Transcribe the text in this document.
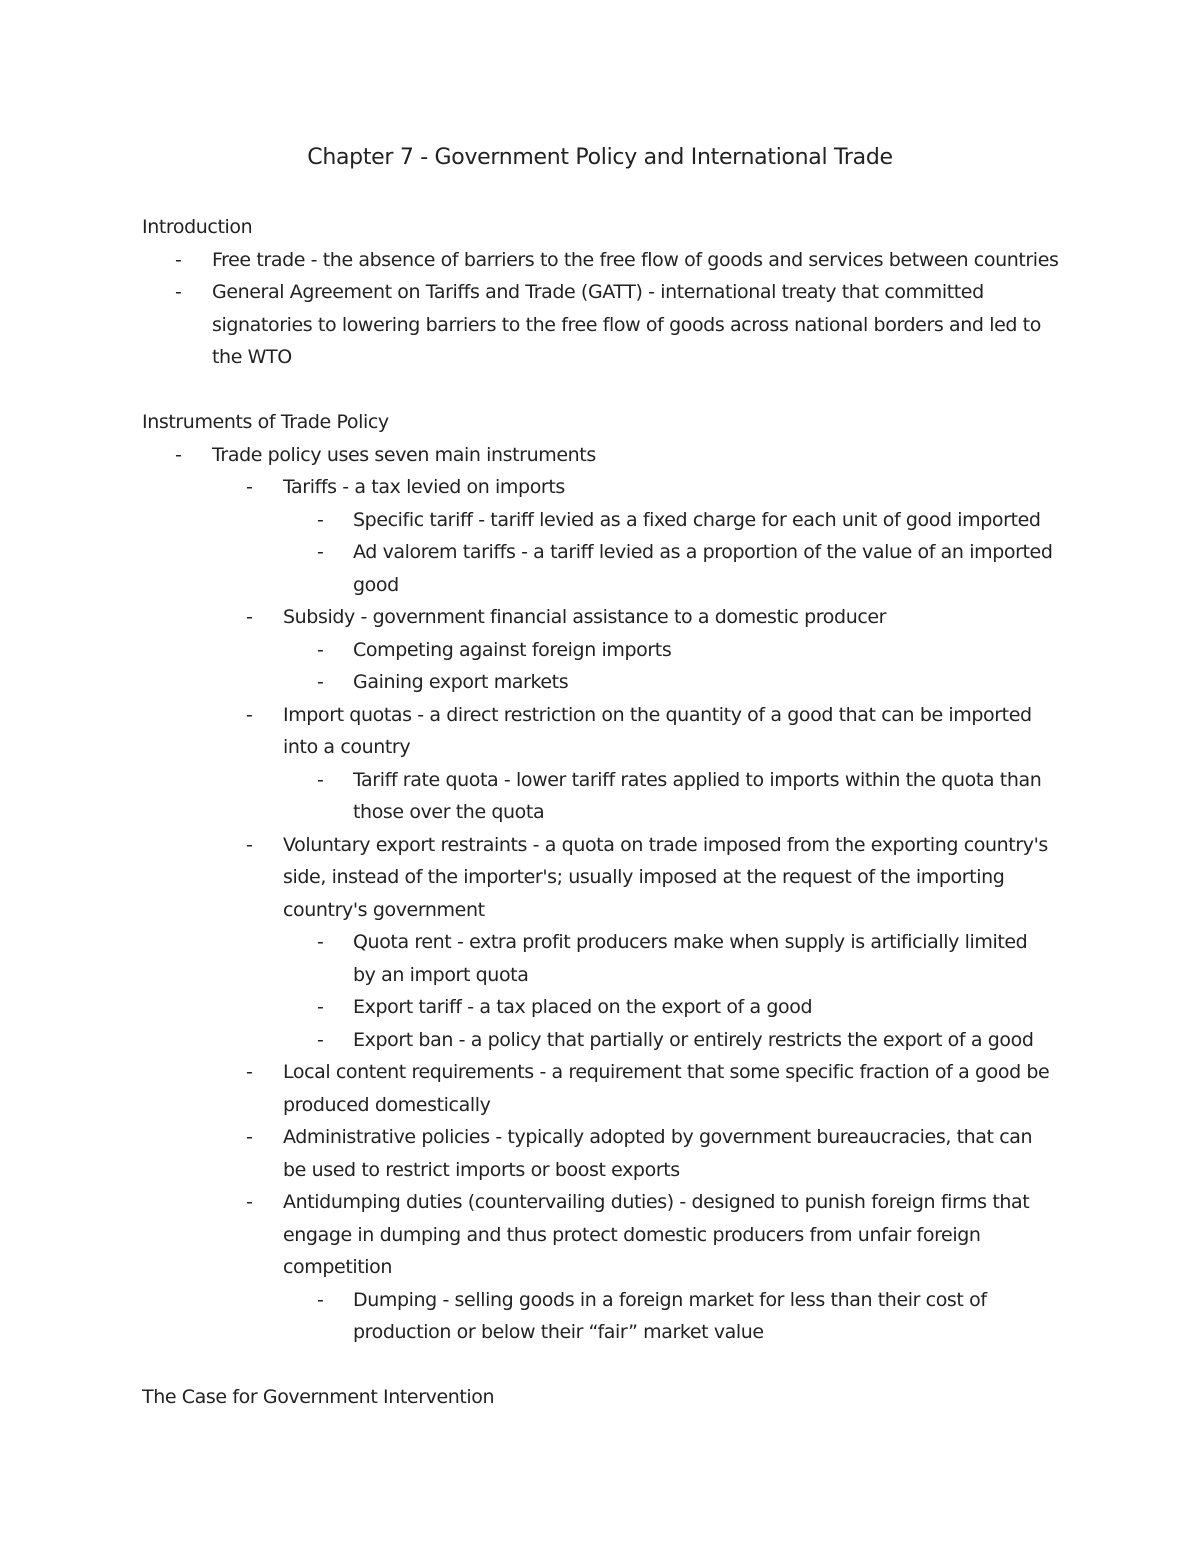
Chapter 7 - Government Policy and International Trade
Introduction
- Free trade - the absence of barriers to the free flow of goods and services between countries
- General Agreement on Tariffs and Trade (GATT) - international treaty that committed signatories to lowering barriers to the free flow of goods across national borders and led to the WTO
Instruments of Trade Policy
- Trade policy uses seven main instruments
- Tariffs - a tax levied on imports
- Specific tariff - tariff levied as a fixed charge for each unit of good imported
- Ad valorem tariffs - a tariff levied as a proportion of the value of an imported good
- Subsidy - government financial assistance to a domestic producer
- Competing against foreign imports
- Gaining export markets
- Import quotas - a direct restriction on the quantity of a good that can be imported into a country
- Tariff rate quota - lower tariff rates applied to imports within the quota than those over the quota
- Voluntary export restraints - a quota on trade imposed from the exporting country's side, instead of the importer's; usually imposed at the request of the importing country's government
- Quota rent - extra profit producers make when supply is artificially limited by an import quota
- Export tariff - a tax placed on the export of a good
- Export ban - a policy that partially or entirely restricts the export of a good
- Local content requirements - a requirement that some specific fraction of a good be produced domestically
- Administrative policies - typically adopted by government bureaucracies, that can be used to restrict imports or boost exports
- Antidumping duties (countervailing duties) - designed to punish foreign firms that engage in dumping and thus protect domestic producers from unfair foreign competition
- Dumping - selling goods in a foreign market for less than their cost of production or below their “fair” market value
The Case for Government Intervention
